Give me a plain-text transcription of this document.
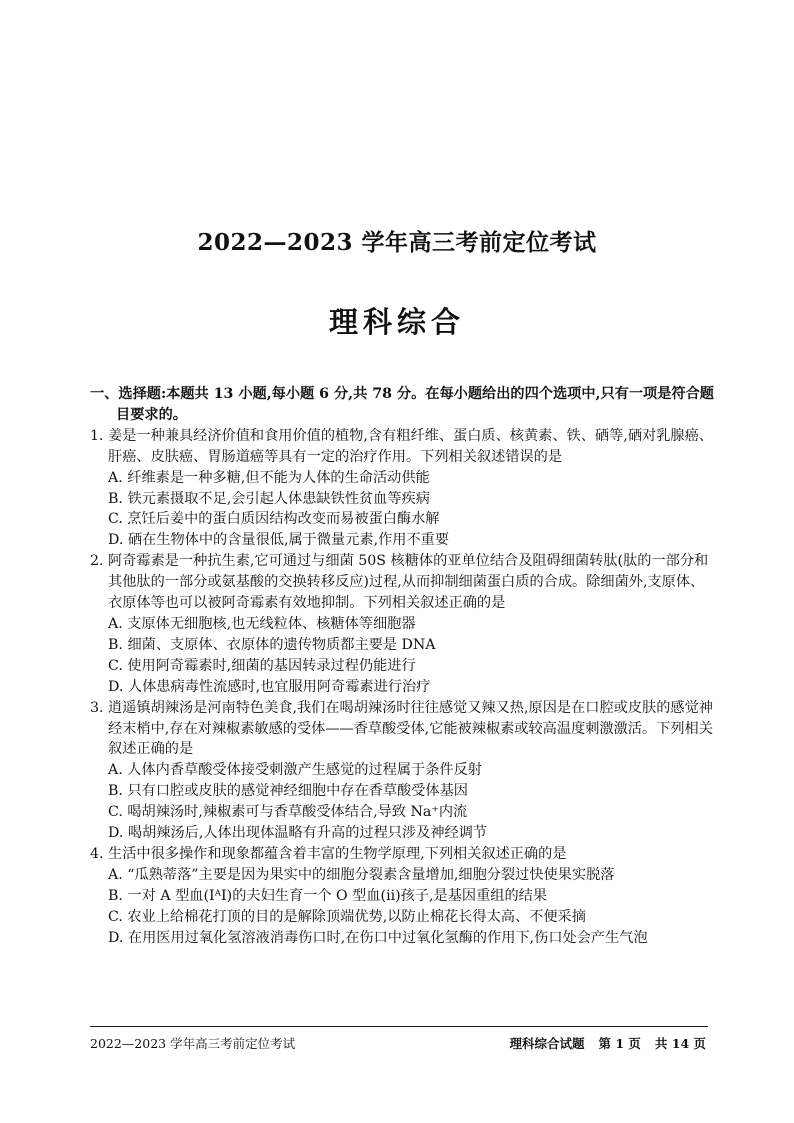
2022—2023 学年高三考前定位考试
理科综合

一、选择题:本题共 13 小题,每小题 6 分,共 78 分。在每小题给出的四个选项中,只有一项是符合题目要求的。

1. 姜是一种兼具经济价值和食用价值的植物,含有粗纤维、蛋白质、核黄素、铁、硒等,硒对乳腺癌、肝癌、皮肤癌、胃肠道癌等具有一定的治疗作用。下列相关叙述错误的是

A. 纤维素是一种多糖,但不能为人体的生命活动供能

B. 铁元素摄取不足,会引起人体患缺铁性贫血等疾病

C. 烹饪后姜中的蛋白质因结构改变而易被蛋白酶水解

D. 硒在生物体中的含量很低,属于微量元素,作用不重要

2. 阿奇霉素是一种抗生素,它可通过与细菌 50S 核糖体的亚单位结合及阻碍细菌转肽(肽的一部分和其他肽的一部分或氨基酸的交换转移反应)过程,从而抑制细菌蛋白质的合成。除细菌外,支原体、衣原体等也可以被阿奇霉素有效地抑制。下列相关叙述正确的是

A. 支原体无细胞核,也无线粒体、核糖体等细胞器

B. 细菌、支原体、衣原体的遗传物质都主要是 DNA

C. 使用阿奇霉素时,细菌的基因转录过程仍能进行

D. 人体患病毒性流感时,也宜服用阿奇霉素进行治疗

3. 逍遥镇胡辣汤是河南特色美食,我们在喝胡辣汤时往往感觉又辣又热,原因是在口腔或皮肤的感觉神经末梢中,存在对辣椒素敏感的受体——香草酸受体,它能被辣椒素或较高温度刺激激活。下列相关叙述正确的是

A. 人体内香草酸受体接受刺激产生感觉的过程属于条件反射

B. 只有口腔或皮肤的感觉神经细胞中存在香草酸受体基因

C. 喝胡辣汤时,辣椒素可与香草酸受体结合,导致 Na⁺内流

D. 喝胡辣汤后,人体出现体温略有升高的过程只涉及神经调节

4. 生活中很多操作和现象都蕴含着丰富的生物学原理,下列相关叙述正确的是

A. “瓜熟蒂落”主要是因为果实中的细胞分裂素含量增加,细胞分裂过快使果实脱落

B. 一对 A 型血(IᴬI)的夫妇生育一个 O 型血(ii)孩子,是基因重组的结果

C. 农业上给棉花打顶的目的是解除顶端优势,以防止棉花长得太高、不便采摘

D. 在用医用过氧化氢溶液消毒伤口时,在伤口中过氧化氢酶的作用下,伤口处会产生气泡

2022—2023 学年高三考前定位考试	理科综合试题 第 1 页 共 14 页
